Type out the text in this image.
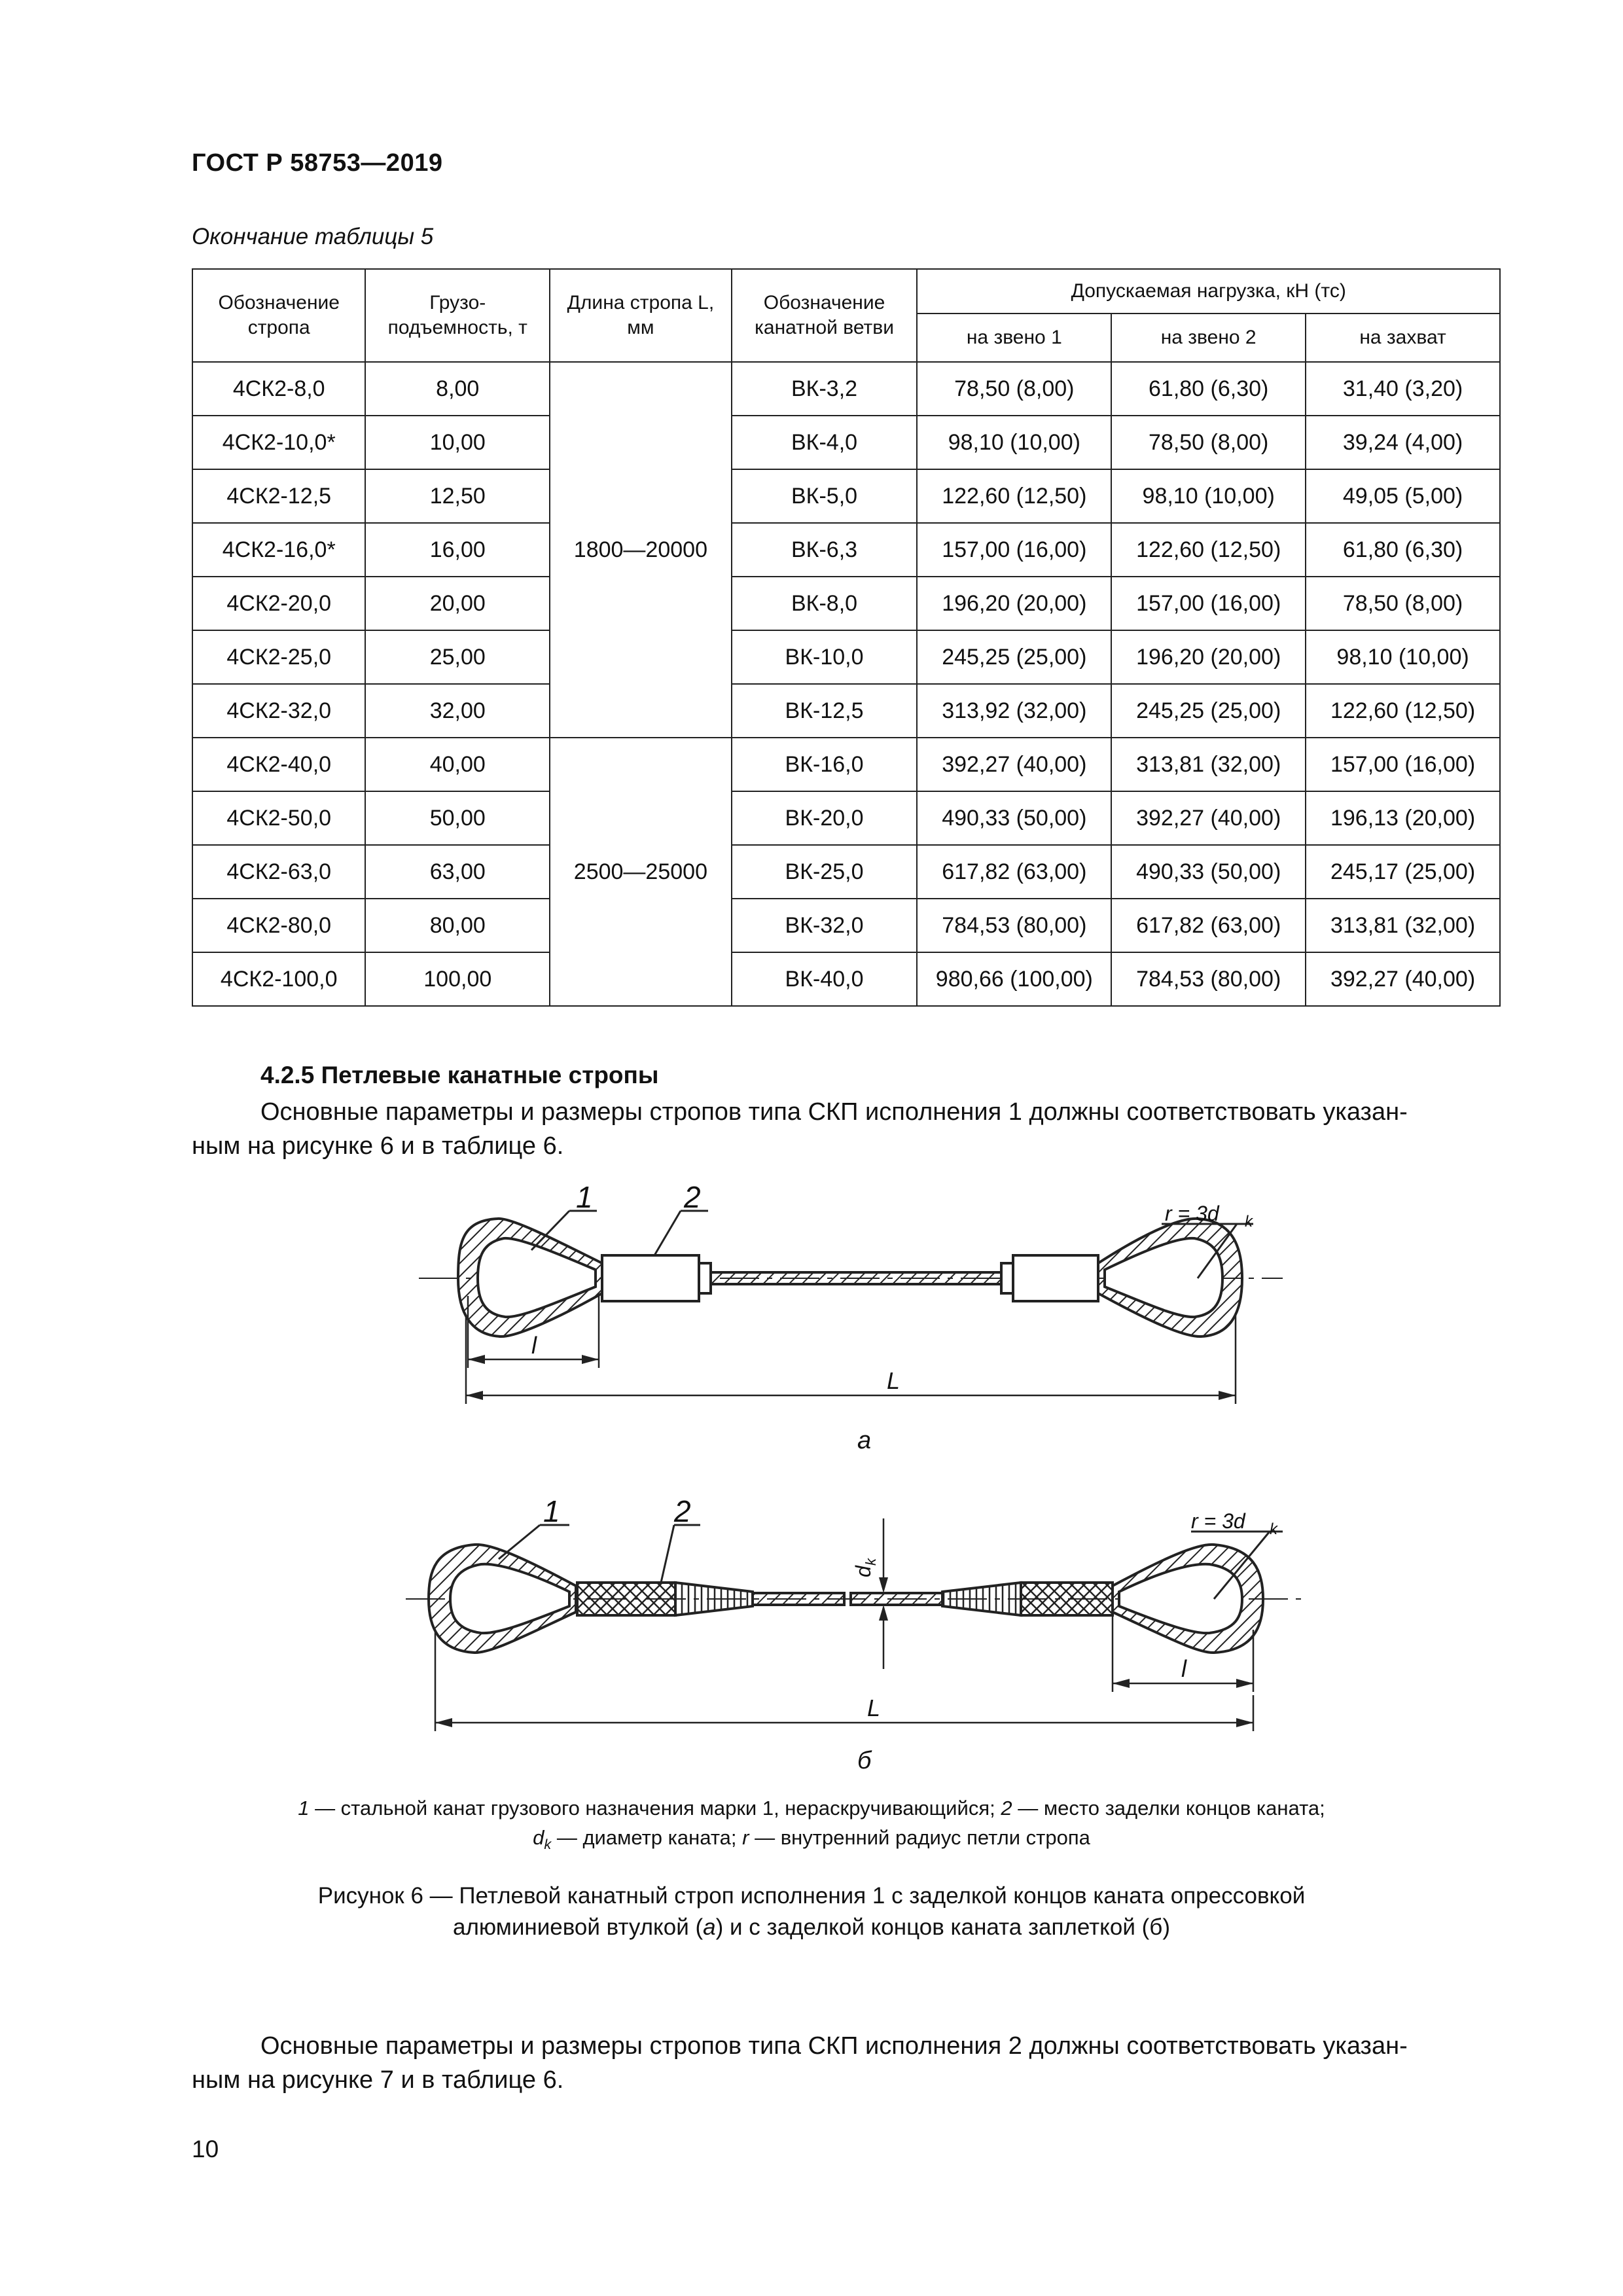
ГОСТ Р 58753—2019
Окончание таблицы 5
Обозначение стропа	Грузо-подъемность, т	Длина стропа L, мм	Обозначение канатной ветви	Допускаемая нагрузка, кН (тс)		
				на звено 1	на звено 2	на захват
4СК2-8,0	8,00	1800—20000	ВК-3,2	78,50 (8,00)	61,80 (6,30)	31,40 (3,20)
4СК2-10,0*	10,00		ВК-4,0	98,10 (10,00)	78,50 (8,00)	39,24 (4,00)
4СК2-12,5	12,50		ВК-5,0	122,60 (12,50)	98,10 (10,00)	49,05 (5,00)
4СК2-16,0*	16,00		ВК-6,3	157,00 (16,00)	122,60 (12,50)	61,80 (6,30)
4СК2-20,0	20,00		ВК-8,0	196,20 (20,00)	157,00 (16,00)	78,50 (8,00)
4СК2-25,0	25,00		ВК-10,0	245,25 (25,00)	196,20 (20,00)	98,10 (10,00)
4СК2-32,0	32,00		ВК-12,5	313,92 (32,00)	245,25 (25,00)	122,60 (12,50)
4СК2-40,0	40,00	2500—25000	ВК-16,0	392,27 (40,00)	313,81 (32,00)	157,00 (16,00)
4СК2-50,0	50,00		ВК-20,0	490,33 (50,00)	392,27 (40,00)	196,13 (20,00)
4СК2-63,0	63,00		ВК-25,0	617,82 (63,00)	490,33 (50,00)	245,17 (25,00)
4СК2-80,0	80,00		ВК-32,0	784,53 (80,00)	617,82 (63,00)	313,81 (32,00)
4СК2-100,0	100,00		ВК-40,0	980,66 (100,00)	784,53 (80,00)	392,27 (40,00)
4.2.5 Петлевые канатные стропы
Основные параметры и размеры стропов типа СКП исполнения 1 должны соответствовать указан-
ным на рисунке 6 и в таблице 6.
1	2	r = 3d k
l
L
а
1	2	r = 3d k
l
L
d
k
б
1 — стальной канат грузового назначения марки 1, нераскручивающийся; 2 — место заделки концов каната;
$d_k$ — диаметр каната; r — внутренний радиус петли стропа
Рисунок 6 — Петлевой канатный строп исполнения 1 с заделкой концов каната опрессовкой
алюминиевой втулкой (а) и с заделкой концов каната заплеткой (б)
Основные параметры и размеры стропов типа СКП исполнения 2 должны соответствовать указан-
ным на рисунке 7 и в таблице 6.
10
